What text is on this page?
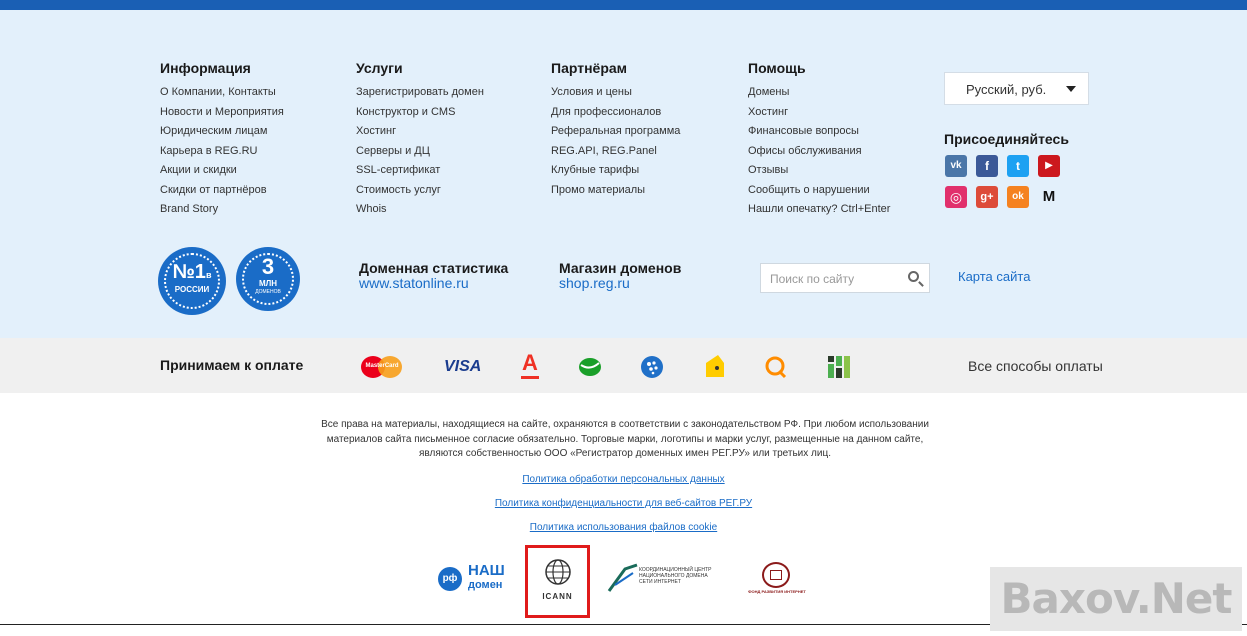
Информация
О Компании, Контакты
Новости и Мероприятия
Юридическим лицам
Карьера в REG.RU
Акции и скидки
Скидки от партнёров
Brand Story
Услуги
Зарегистрировать домен
Конструктор и CMS
Хостинг
Серверы и ДЦ
SSL-сертификат
Стоимость услуг
Whois
Партнёрам
Условия и цены
Для профессионалов
Реферальная программа
REG.API, REG.Panel
Клубные тарифы
Промо материалы
Помощь
Домены
Хостинг
Финансовые вопросы
Офисы обслуживания
Отзывы
Сообщить о нарушении
Нашли опечатку? Ctrl+Enter
Русский, руб.
Присоединяйтесь
vk	f	t	▶
◎	g+	ok	M
№1в
РОССИИ
3
МЛН
ДОМЕНОВ
Доменная статистика
www.statonline.ru
Магазин доменов
shop.reg.ru	Поиск по сайту	Карта сайта
Принимаем к оплате	MasterCard	VISA А	Все способы оплаты
Все права на материалы, находящиеся на сайте, охраняются в соответствии с законодательством РФ. При любом использовании
материалов сайта письменное согласие обязательно. Торговые марки, логотипы и марки услуг, размещенные на данном сайте,
являются собственностью ООО «Регистратор доменных имен РЕГ.РУ» или третьих лиц.
Политика обработки персональных данных
Политика конфиденциальности для веб-сайтов РЕГ.РУ
Политика использования файлов cookie
рф НАШ
домен
ICANN
КООРДИНАЦИОННЫЙ ЦЕНТР
НАЦИОНАЛЬНОГО ДОМЕНА
СЕТИ ИНТЕРНЕТ
ФОНД РАЗВИТИЯ ИНТЕРНЕТ	Baxov.Net
